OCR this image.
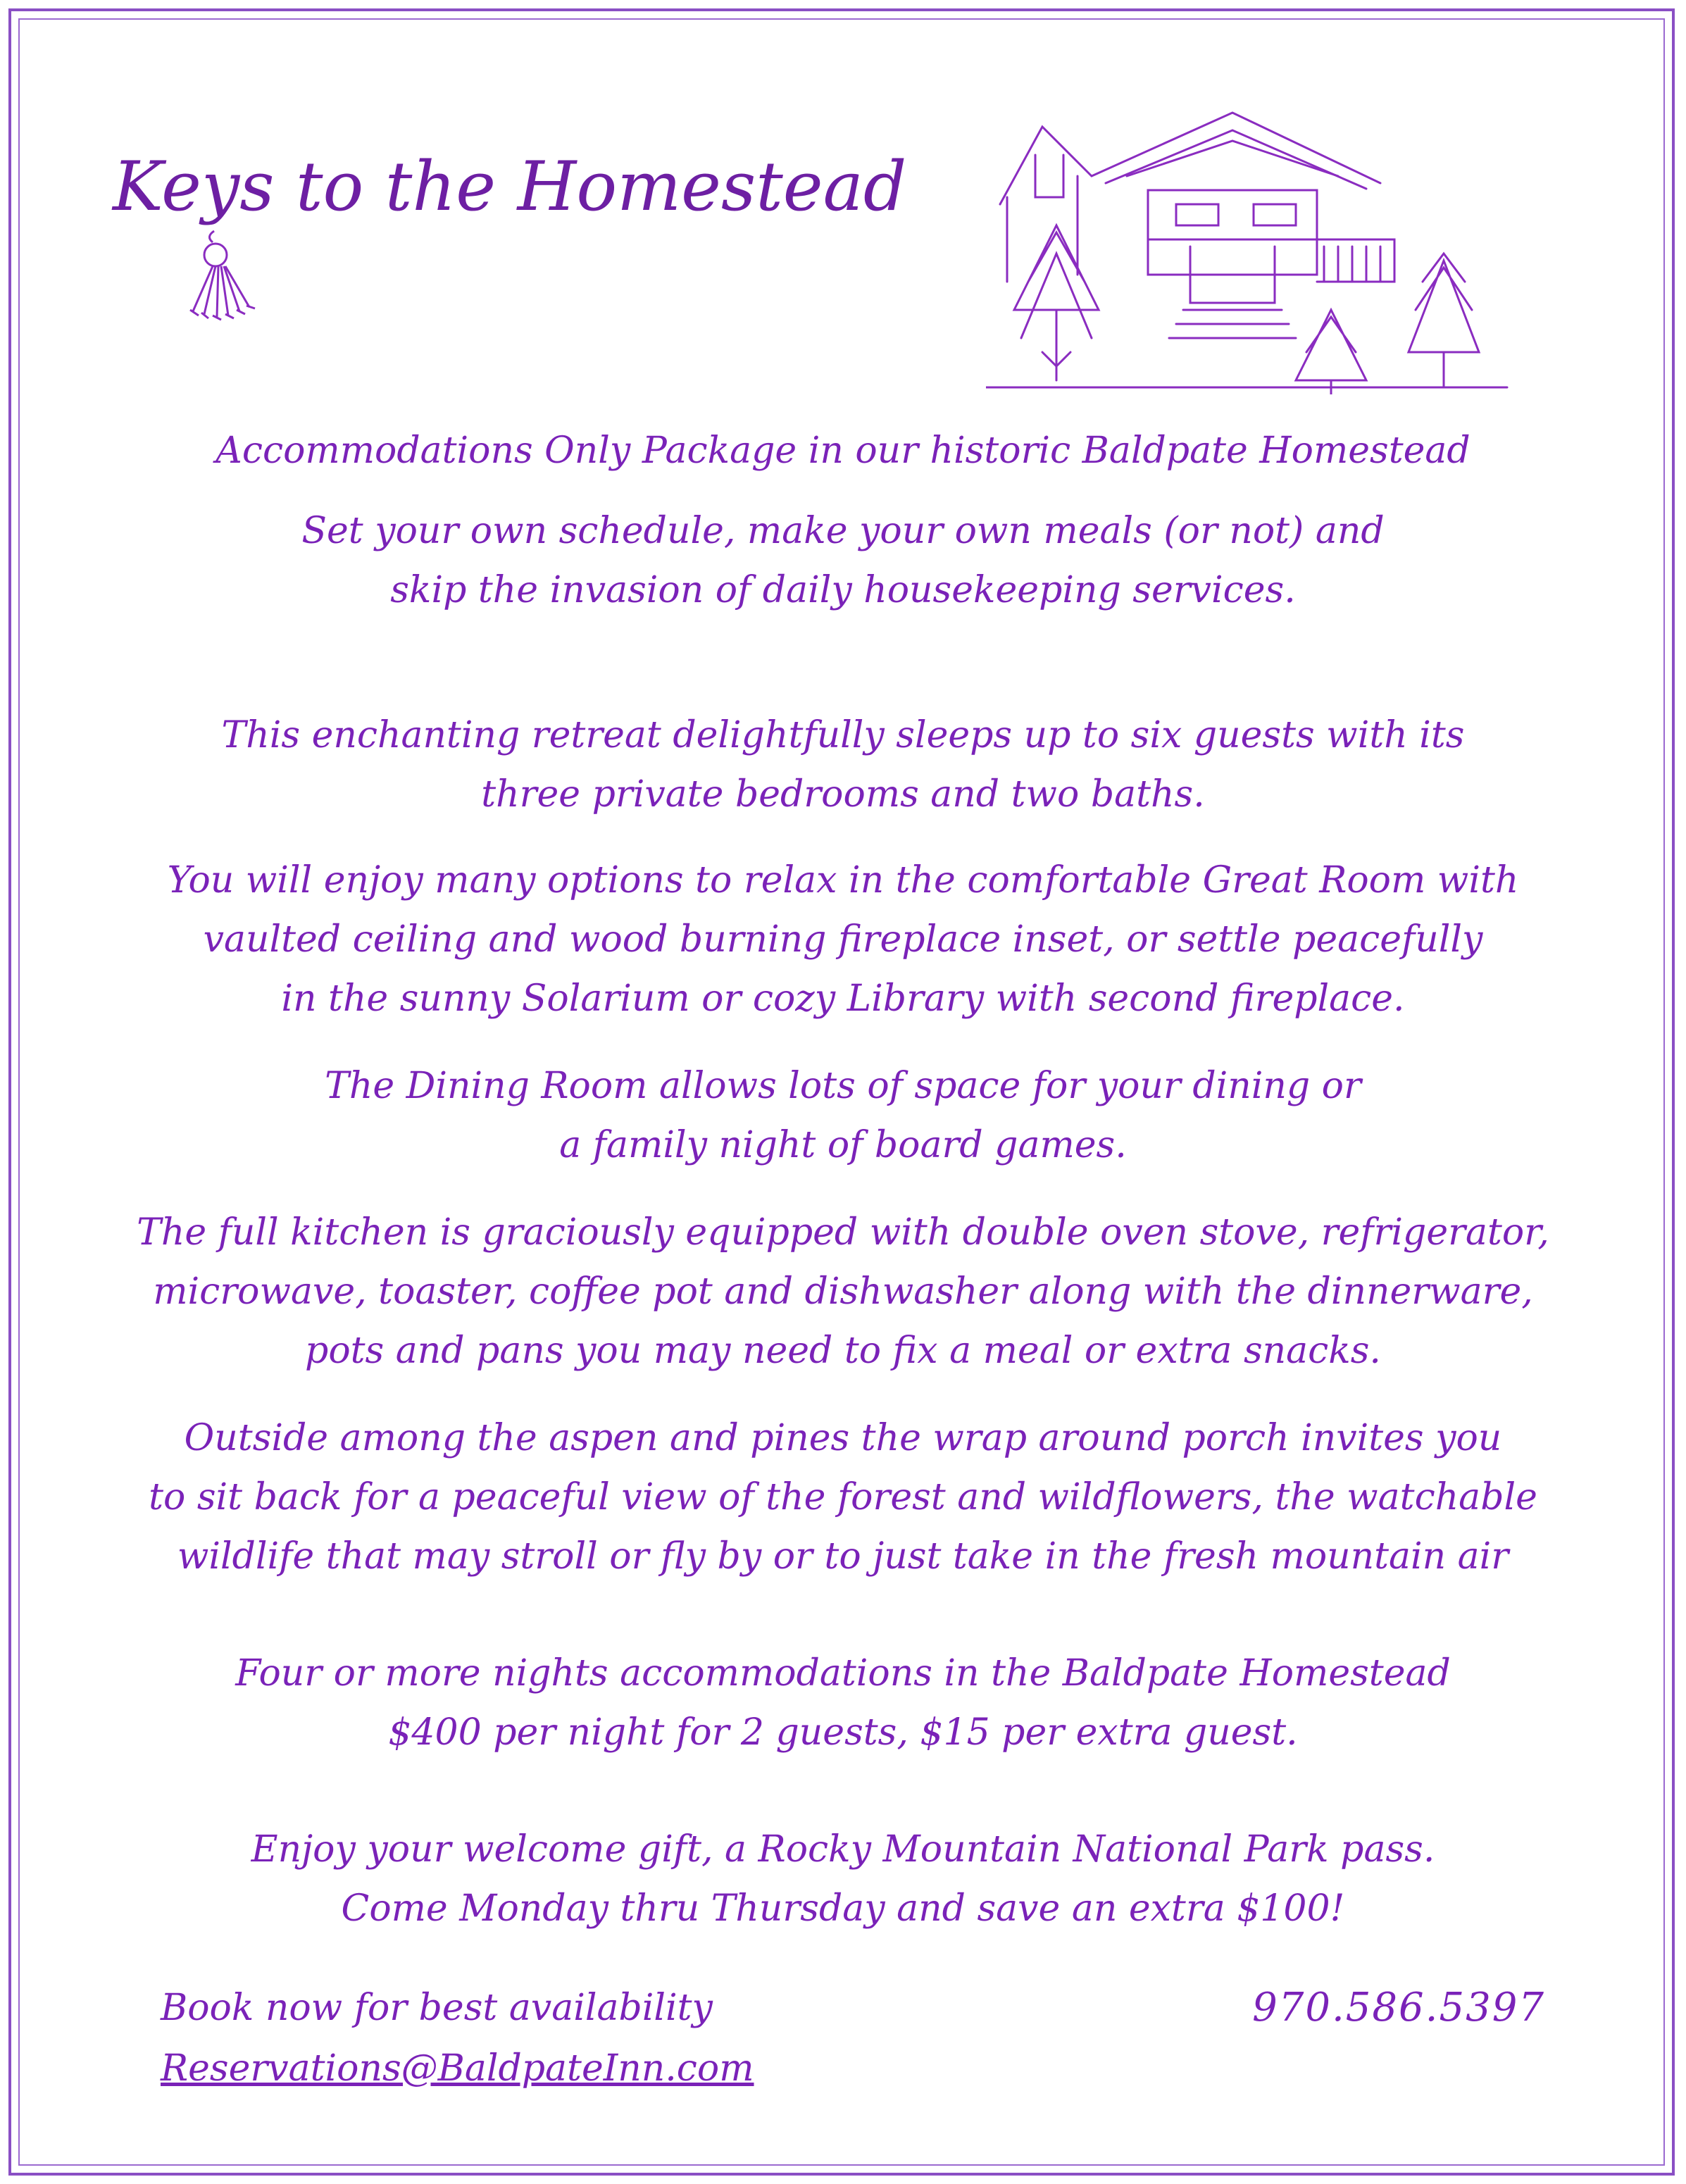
Keys to the Homestead
Accommodations Only Package in our historic Baldpate Homestead
Set your own schedule, make your own meals (or not) and
skip the invasion of daily housekeeping services.
This enchanting retreat delightfully sleeps up to six guests with its
three private bedrooms and two baths.
You will enjoy many options to relax in the comfortable Great Room with
vaulted ceiling and wood burning fireplace inset, or settle peacefully
in the sunny Solarium or cozy Library with second fireplace.
The Dining Room allows lots of space for your dining or
a family night of board games.
The full kitchen is graciously equipped with double oven stove, refrigerator,
microwave, toaster, coffee pot and dishwasher along with the dinnerware,
pots and pans you may need to fix a meal or extra snacks.
Outside among the aspen and pines the wrap around porch invites you
to sit back for a peaceful view of the forest and wildflowers, the watchable
wildlife that may stroll or fly by or to just take in the fresh mountain air
Four or more nights accommodations in the Baldpate Homestead
$400 per night for 2 guests, $15 per extra guest.
Enjoy your welcome gift, a Rocky Mountain National Park pass.
Come Monday thru Thursday and save an extra $100!
Book now for best availability
Reservations@BaldpateInn.com
970.586.5397
